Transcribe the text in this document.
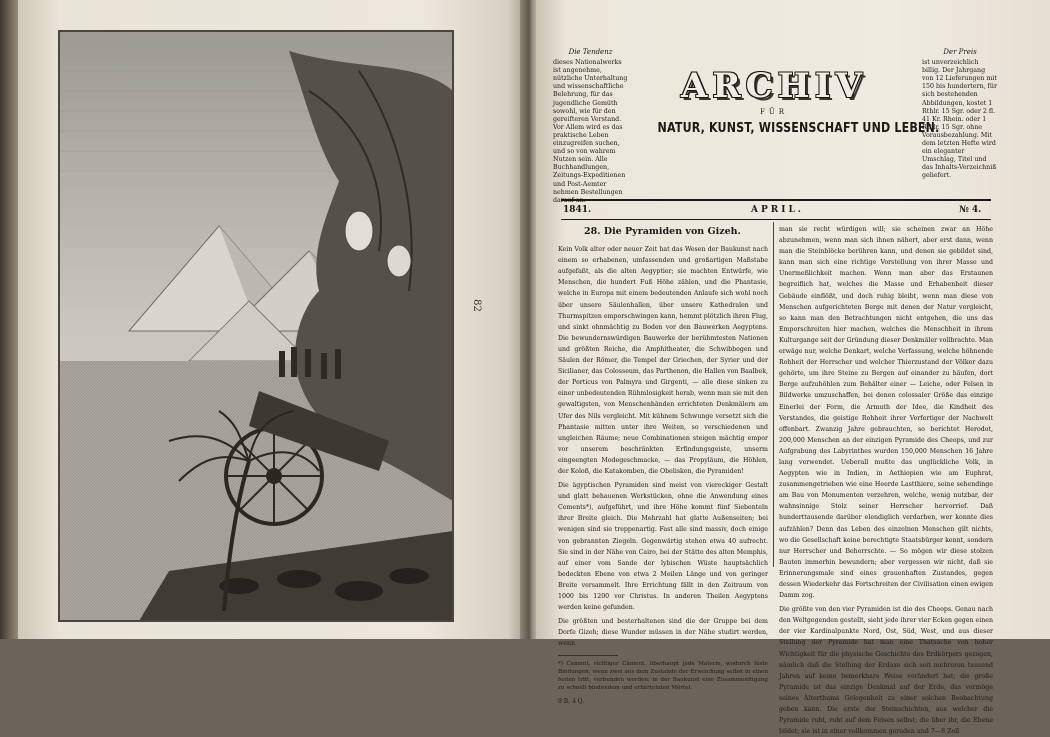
82
Die Tendenz
dieses Nationalwerks ist angenehme, nützliche Unterhaltung und wissenschaftliche Belehrung, für das jugendliche Gemüth sowohl, wie für den gereifteren Verstand. Vor Allem wird es das praktische Leben einzugreifen suchen, und so von wahrem Nutzen sein. Alle Buchhandlungen, Zeitungs-Expeditionen und Post-Aemter nehmen Bestellungen darauf an.
ARCHIV
FÜR
NATUR, KUNST, WISSENSCHAFT UND LEBEN.
Der Preis
ist unverzeichlich billig. Der Jahrgang von 12 Lieferungen mit 150 bis hundertern, für sich bestehenden Abbildungen, kostet 1 Rthlr. 15 Sgr. oder 2 fl. 41 Kr. Rhein. oder 1 Rthlr. 15 Sgr. ohne Vorausbezahlung. Mit dem letzten Hefte wird ein eleganter Umschlag, Titel und das Inhalts-Verzeichniß geliefert.
1841.	APRIL.	№ 4.
28. Die Pyramiden von Gizeh.

Kein Volk alter oder neuer Zeit hat das Wesen der Baukunst nach einem so erhabenen, umfassenden und großartigen Maßstabe aufgefaßt, als die alten Aegyptier; sie machten Entwürfe, wie Menschen, die hundert Fuß Höhe zählen, und die Phantasie, welche in Europa mit einem bedeutenden Anlaufe sich wohl noch über unsere Säulenhallen, über unsere Kathedralen und Thurmspitzen emporschwingen kann, hemmt plötzlich ihren Flug, und sinkt ohnmächtig zu Boden vor den Bauwerken Aegyptens. Die bewundernswürdigen Bauwerke der berühmtesten Nationen und größten Reiche, die Amphitheater, die Schwibbogen und Säulen der Römer, die Tempel der Griechen, der Syrier und der Sicilianer, das Colosseum, das Parthenon, die Hallen von Baalbek, der Porticus von Palmyra und Girgenti, — alle diese sinken zu einer unbedeutenden Rühmlosigkeit herab, wenn man sie mit den gewaltigsten, von Menschenhänden errichteten Denkmälern am Ufer des Nils vergleicht. Mit kühnem Schwunge versetzt sich die Phantasie mitten unter ihre Weiten, so verschiedenen und ungleichen Räume; neue Combinationen steigen mächtig empor vor unserem beschränkten Erfindungsgeiste, unserm eingeengten Modegeschmacke, — das Propyläum, die Höhlen, der Koloß, die Katakomben, die Obelisken, die Pyramiden!

Die ägyptischen Pyramiden sind meist von viereckiger Gestalt und glatt behauenen Werkstücken, ohne die Anwendung eines Cements*), aufgeführt, und ihre Höhe kommt fünf Siebenteln ihrer Breite gleich. Die Mehrzahl hat glatte Außenseiten; bei wenigen sind sie treppenartig. Fast alle sind massiv, doch einige von gebrannten Ziegeln. Gegenwärtig stehen etwa 40 aufrecht. Sie sind in der Nähe von Cairo, bei der Stätte des alten Memphis, auf einer vom Sande der lybischen Wüste hauptsächlich bedeckten Ebene von etwa 2 Meilen Länge und von geringer Breite versammelt. Ihre Errichtung fällt in den Zeitraum von 1000 bis 1200 vor Christus. In anderen Theilen Aegyptens werden keine gefunden.

Die größten und besterhaltenen sind die der Gruppe bei dem Dorfe Gizeh; diese Wunder müssen in der Nähe studirt werden, wenn

*) Cement, richtiger Cäment, überhaupt jede Materie, wodurch feste Bindungen, wenn zwei aus dem Zustande der Erweichung selbst in einen festen tritt, verbunden werden; in der Baukunst eine Zusammenfügung zu schnell bindendem und erhärtenden Mörtel.
9 B. 4 Q.

man sie recht würdigen will; sie scheinen zwar an Höhe abzunehmen, wenn man sich ihnen nähert, aber erst dann, wenn man die Steinblöcke berühren kann, und denen sie gebildet sind, kann man sich eine richtige Vorstellung von ihrer Masse und Unermeßlichkeit machen. Wenn man aber das Erstaunen begreiflich hat, welches die Masse und Erhabenheit dieser Gebäude einflößt, und doch ruhig bleibt, wenn man diese von Menschen aufgerichteten Berge mit denen der Natur vergleicht, so kann man den Betrachtungen nicht entgehen, die uns das Emporschreiten hier machen, welches die Menschheit in ihrem Kulturgange seit der Gründung dieser Denkmäler vollbrachte. Man erwäge nur, welche Denkart, welche Verfassung, welche höhnende Rohheit der Herrscher und welcher Thierzustand der Völker dazu gehörte, um ihre Steine zu Bergen auf einander zu häufen, dort Berge aufzuhöhlen zum Behälter einer — Leiche, oder Felsen in Bildwerke umzuschaffen, bei denen colossaler Größe das einzige Einerlei der Form, die Armuth der Idee, die Kindheit des Verstandes, die geistige Rohheit ihrer Verfertiger der Nachwelt offenbart. Zwanzig Jahre gebrauchten, so berichtet Herodot, 200,000 Menschen an der einzigen Pyramide des Cheops, und zur Aufgrabung des Labyrinthes wurden 150,000 Menschen 16 Jahre lang verwendet. Ueberall mußte das unglückliche Volk, in Aegypten wie in Indien, in Aethiopien wie am Euphrat, zusammengetrieben wie eine Heerde Lastthiere, seine sehendinge am Bau von Monumenten verzehren, welche, wenig nutzbar, der wahnsinnige Stolz seiner Herrscher hervorrief. Daß hunderttausende darüber elendiglich verdarben, wer konnte dies aufzählen? Denn das Leben des einzelnen Menschen gilt nichts, wo die Gesellschaft keine berechtigte Staatsbürger kennt, sondern nur Herrscher und Beherrschte. — So mögen wir diese stolzen Bauten immerhin bewundern; aber vergessen wir nicht, daß sie Erinnerungsmale sind eines grauenhaften Zustandes, gegen dessen Wiederkehr das Fortschreiten der Civilisation einen ewigen Damm zog.

Die größte von den vier Pyramiden ist die des Cheops. Genau nach den Weltgegenden gestellt, sieht jede ihrer vier Ecken gegen einen der vier Kardinalpunkte Nord, Ost, Süd, West, und aus dieser Stellung der Pyramide hat man eine Thatsache von hoher Wichtigkeit für die physische Geschichte des Erdkörpers gezogen, nämlich daß die Stellung der Erdaxe sich seit mehreren tausend Jahren auf keine bemerkbare Weise verändert hat; die große Pyramide ist das einzige Denkmal auf der Erde, das vermöge seines Alterthums Gelegenheit zu einer solchen Beobachtung geben kann. Die erste der Steinschichten, aus welcher die Pyramide ruht, ruht auf dem Felsen selbst; die über ihr, die Ebene bildet; sie ist in einer vollkommen geraden und 7—8 Zoll
